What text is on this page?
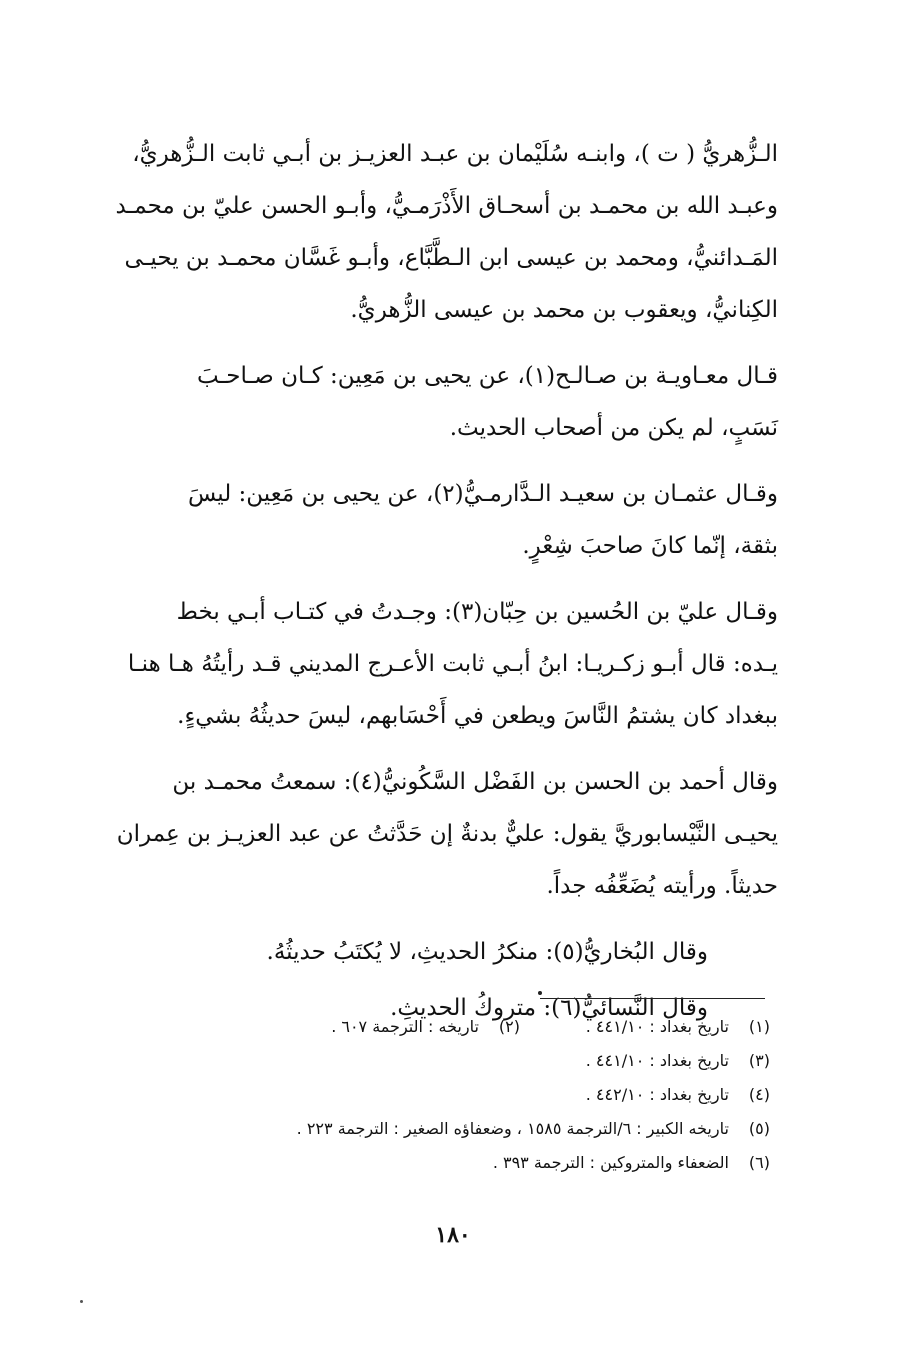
الـزُّهريُّ ( ت )، وابنـه سُلَيْمان بن عبـد العزيـز بن أبـي ثابت الـزُّهريُّ،
وعبـد الله بن محمـد بن أسحـاق الأَذْرَمـيُّ، وأبـو الحسن عليّ بن محمـد
المَـدائنيُّ، ومحمد بن عيسى ابن الـطَّبَّاع، وأبـو غَسَّان محمـد بن يحيـى
الكِنانيُّ، ويعقوب بن محمد بن عيسى الزُّهريُّ.

قـال معـاويـة بن صـالـح(١)، عن يحيى بن مَعِين: كـان صـاحـبَ
نَسَبٍ، لم يكن من أصحاب الحديث.

وقـال عثمـان بن سعيـد الـدَّارمـيُّ(٢)، عن يحيى بن مَعِين: ليسَ
بثقة، إنّما كانَ صاحبَ شِعْرٍ.

وقـال عليّ بن الحُسين بن حِبّان(٣): وجـدتُ في كتـاب أبـي بخط
يـده: قال أبـو زكـريـا: ابنُ أبـي ثابت الأعـرج المديني قـد رأيتُهُ هـا هنـا
ببغداد كان يشتمُ النَّاسَ ويطعن في أَحْسَابهم، ليسَ حديثُهُ بشيءٍ.

وقال أحمد بن الحسن بن الفَضْل السَّكُونيُّ(٤): سمعتُ محمـد بن
يحيـى النَّيْسابوريَّ يقول: عليٌّ بدنةٌ إن حَدَّثتُ عن عبد العزيـز بن عِمران
حديثاً. ورأيته يُضَعِّفُه جداً.

وقال البُخاريُّ(٥): منكرُ الحديثِ، لا يُكتَبُ حديثُهُ.

وقال النَّسائيُّ(٦): متروكُ الحديثِ.

(١) تاريخ بغداد : ٤٤١/١٠ .
(٢) تاريخه : الترجمة ٦٠٧ .
(٣) تاريخ بغداد : ٤٤١/١٠ .
(٤) تاريخ بغداد : ٤٤٢/١٠ .
(٥) تاريخه الكبير : ٦/الترجمة ١٥٨٥ ، وضعفاؤه الصغير : الترجمة ٢٢٣ .
(٦) الضعفاء والمتروكين : الترجمة ٣٩٣ .
١٨٠
